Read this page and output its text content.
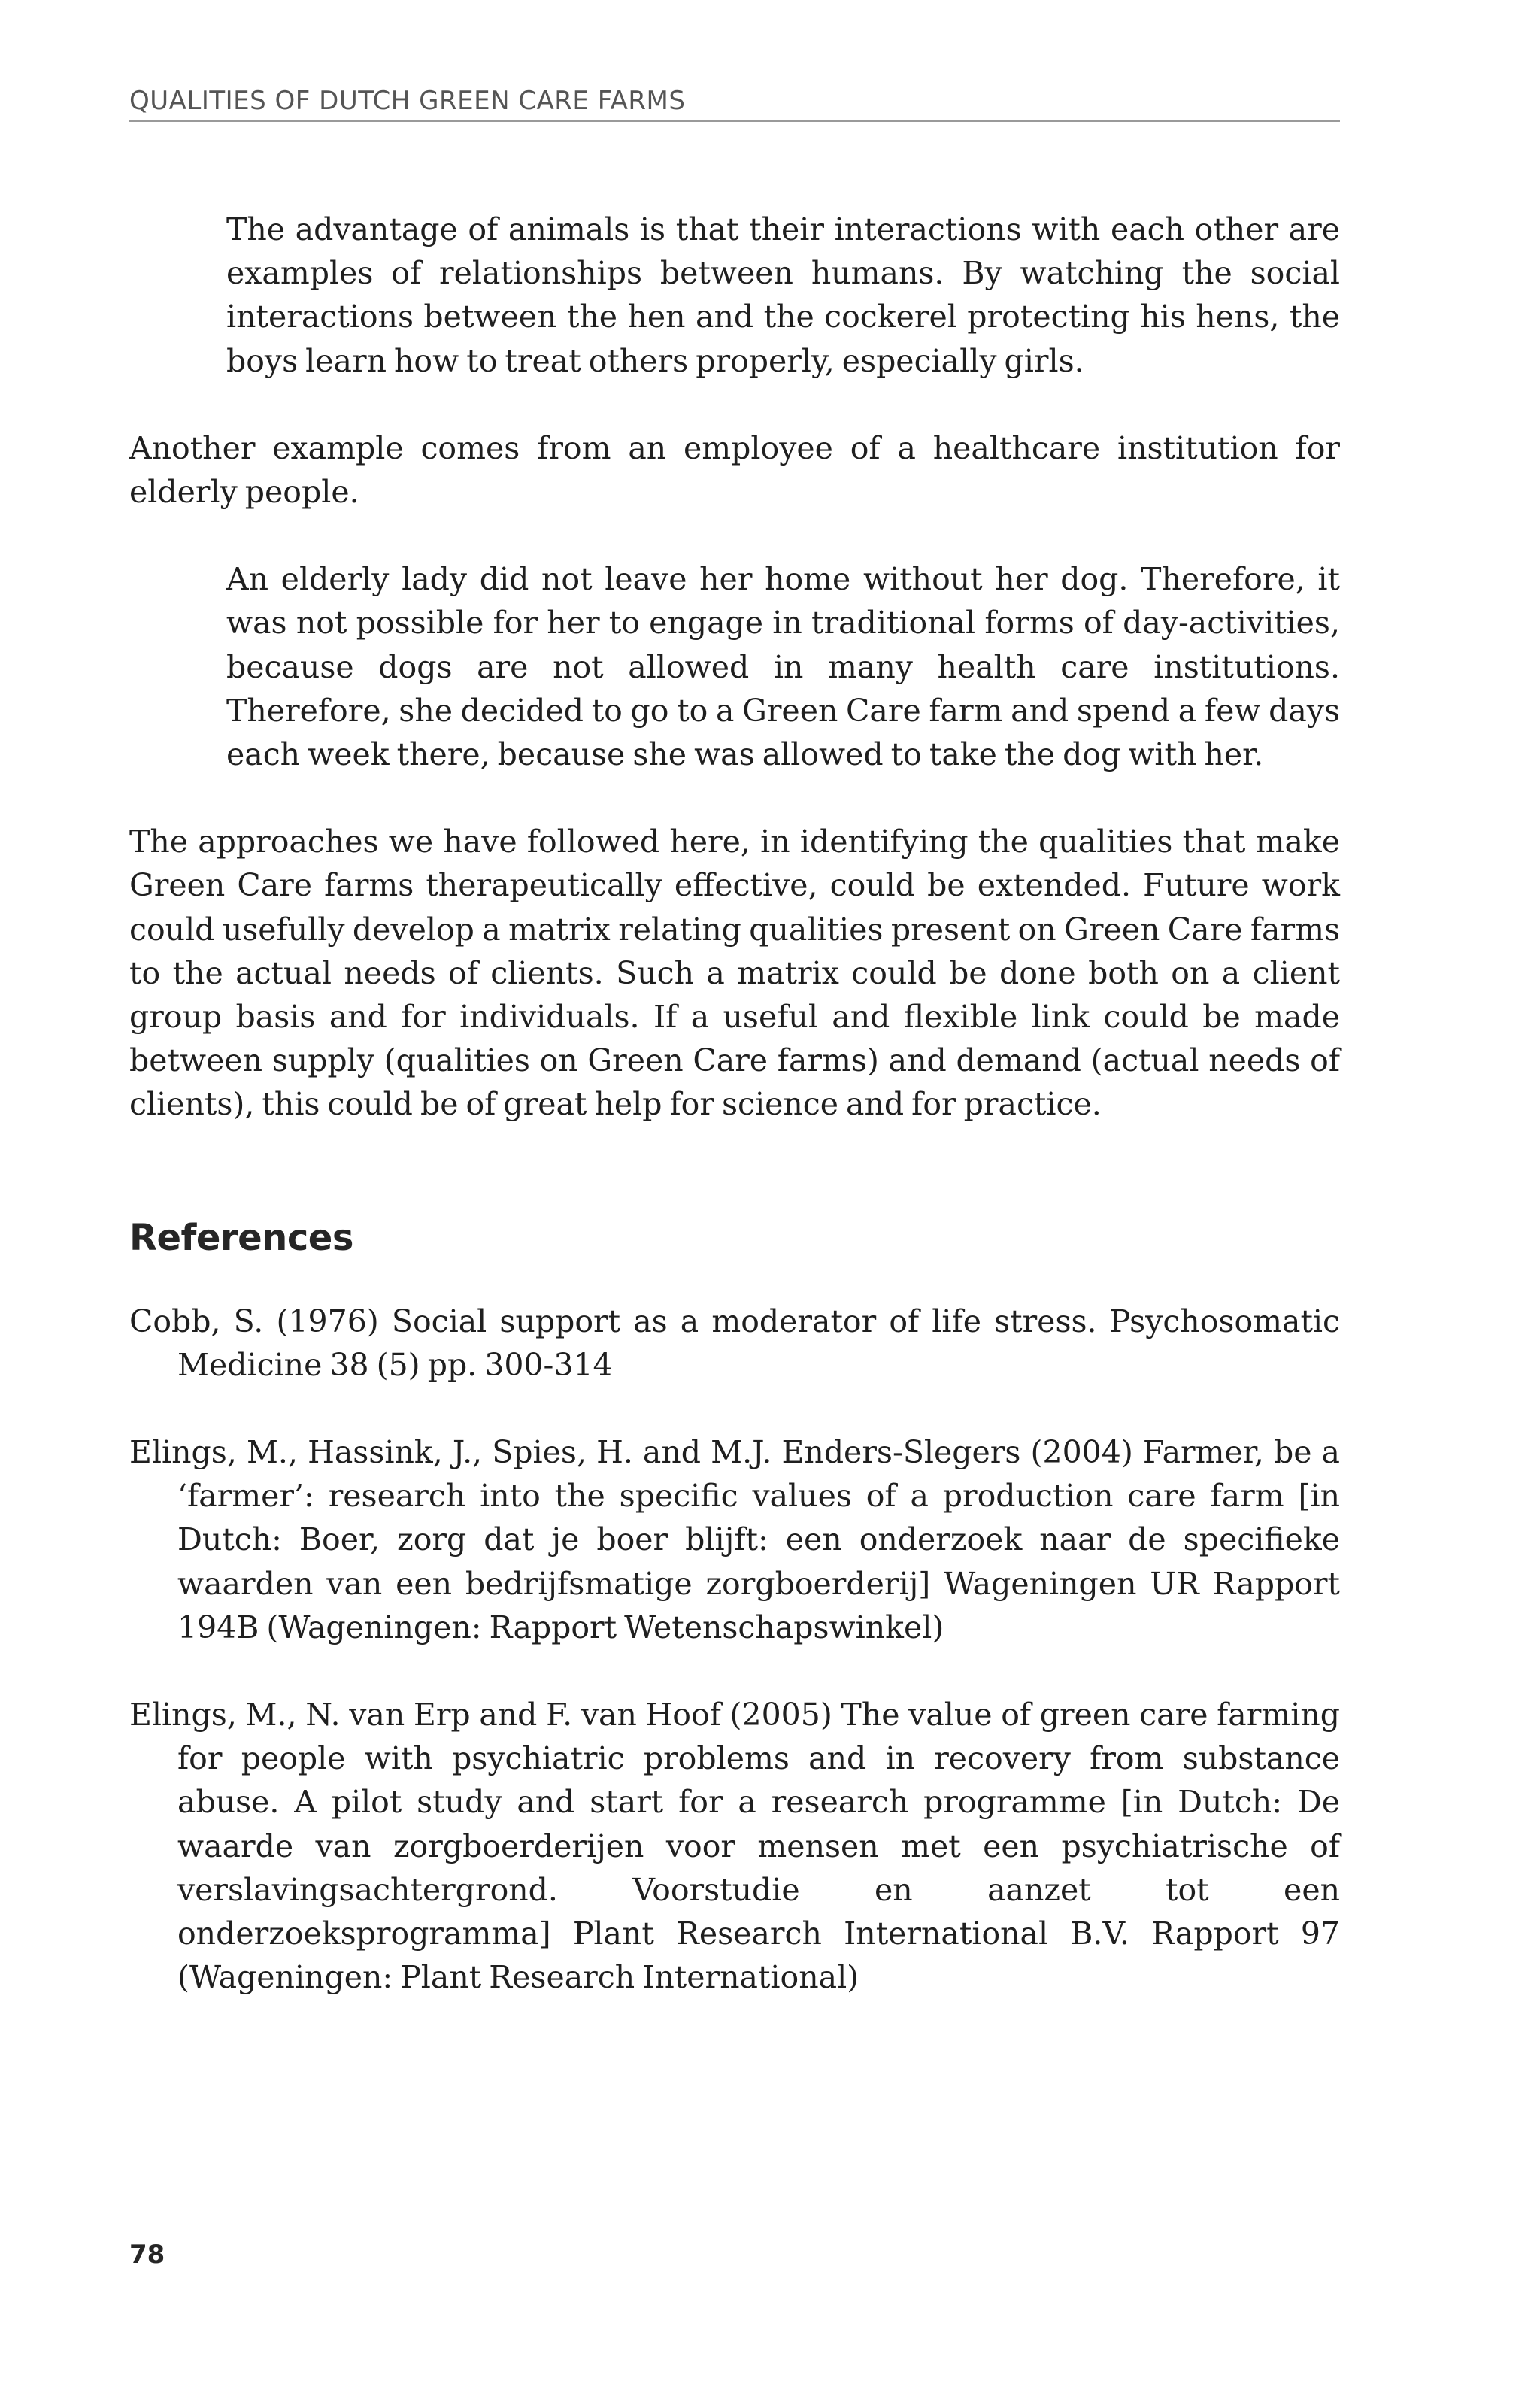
QUALITIES OF DUTCH GREEN CARE FARMS

The advantage of animals is that their interactions with each other are examples of relationships between humans. By watching the social interactions between the hen and the cockerel protecting his hens, the boys learn how to treat others properly, especially girls.

Another example comes from an employee of a healthcare institution for elderly people.

An elderly lady did not leave her home without her dog. Therefore, it was not possible for her to engage in traditional forms of day-activities, because dogs are not allowed in many health care institutions. Therefore, she decided to go to a Green Care farm and spend a few days each week there, because she was allowed to take the dog with her.

The approaches we have followed here, in identifying the qualities that make Green Care farms therapeutically effective, could be extended. Future work could usefully develop a matrix relating qualities present on Green Care farms to the actual needs of clients. Such a matrix could be done both on a client group basis and for individuals. If a useful and flexible link could be made between supply (qualities on Green Care farms) and demand (actual needs of clients), this could be of great help for science and for practice.

References

Cobb, S. (1976) Social support as a moderator of life stress. Psychosomatic Medicine 38 (5) pp. 300-314

Elings, M., Hassink, J., Spies, H. and M.J. Enders-Slegers (2004) Farmer, be a ‘farmer’: research into the specific values of a production care farm [in Dutch: Boer, zorg dat je boer blijft: een onderzoek naar de specifieke waarden van een bedrijfsmatige zorgboerderij] Wageningen UR Rapport 194B (Wageningen: Rapport Wetenschapswinkel)

Elings, M., N. van Erp and F. van Hoof (2005) The value of green care farming for people with psychiatric problems and in recovery from substance abuse. A pilot study and start for a research programme [in Dutch: De waarde van zorgboerderijen voor mensen met een psychiatrische of verslavingsachtergrond. Voorstudie en aanzet tot een onderzoeksprogramma] Plant Research International B.V. Rapport 97 (Wageningen: Plant Research International)

78
